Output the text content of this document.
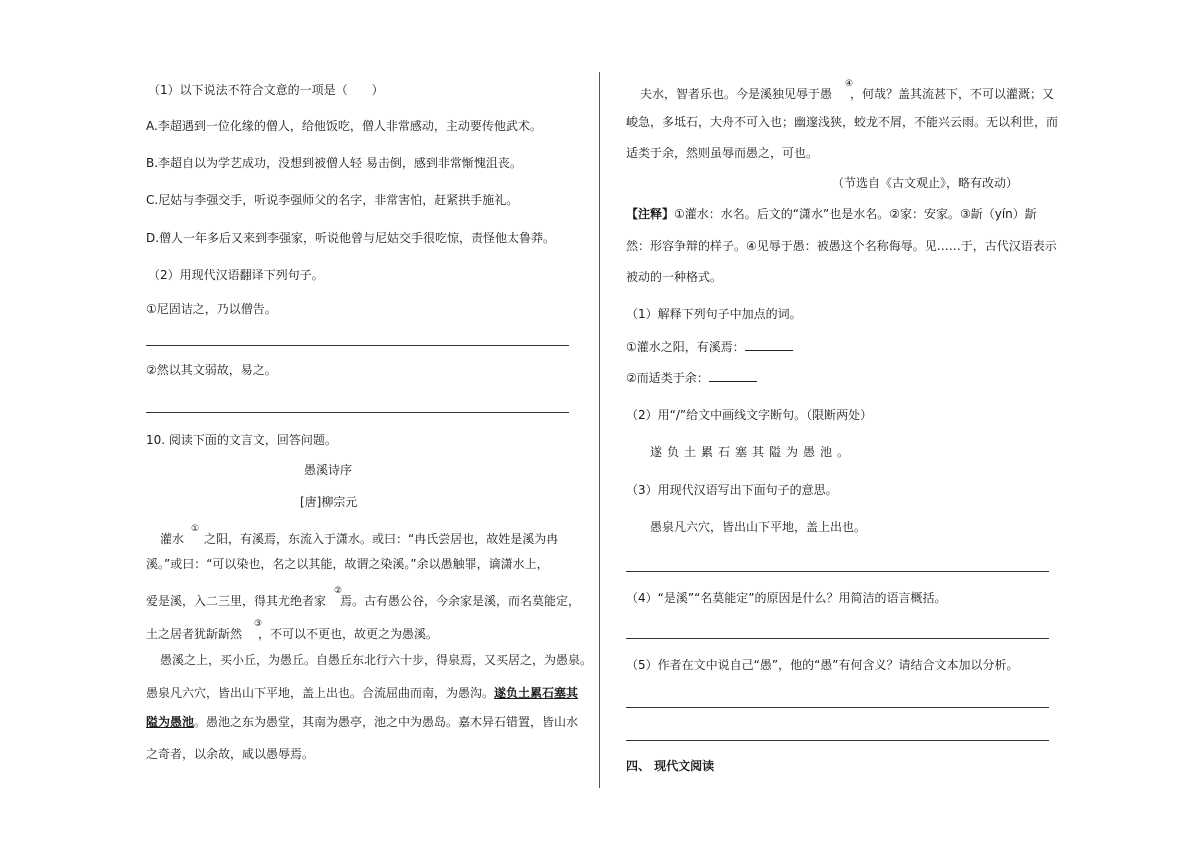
（1）以下说法不符合文意的一项是（　　）
A.李超遇到一位化缘的僧人，给他饭吃，僧人非常感动，主动要传他武术。
B.李超自以为学艺成功，没想到被僧人轻 易击倒，感到非常惭愧沮丧。
C.尼姑与李强交手，听说李强师父的名字，非常害怕，赶紧拱手施礼。
D.僧人一年多后又来到李强家，听说他曾与尼姑交手很吃惊，责怪他太鲁莽。
（2）用现代汉语翻译下列句子。
①尼固诘之，乃以僧告。
②然以其文弱故，易之。
10. 阅读下面的文言文，回答问题。
愚溪诗序
[唐]柳宗元
灌水 之阳，有溪焉，东流入于潇水。或曰：“冉氏尝居也，故姓是溪为冉
①
溪。”或曰：“可以染也，名之以其能，故谓之染溪。”余以愚触罪，谪潇水上，
爱是溪，入二三里，得其尤绝者家 焉。古有愚公谷，今余家是溪，而名莫能定，
②
土之居者犹龂龂然 ，不可以不更也，故更之为愚溪。
③
愚溪之上，买小丘，为愚丘。自愚丘东北行六十步，得泉焉，又买居之，为愚泉。
愚泉凡六穴，皆出山下平地，盖上出也。合流屈曲而南，为愚沟。遂负土累石塞其
隘为愚池。愚池之东为愚堂，其南为愚亭，池之中为愚岛。嘉木异石错置，皆山水
之奇者，以余故，咸以愚辱焉。
夫水，智者乐也。今是溪独见辱于愚 ，何哉？盖其流甚下，不可以灌溉；又
④
峻急，多坻石，大舟不可入也；幽邃浅狭，蛟龙不屑，不能兴云雨。无以利世，而
适类于余，然则虽辱而愚之，可也。
（节选自《古文观止》，略有改动）
【注释】①灌水：水名。后文的“潇水”也是水名。②家：安家。③龂（yín）龂
然：形容争辩的样子。④见辱于愚：被愚这个名称侮辱。见……于，古代汉语表示
被动的一种格式。
（1）解释下列句子中加点的词。
①灌水之阳，有溪焉：
②而适类于余：
（2）用“/”给文中画线文字断句。（限断两处）
遂负土累石塞其隘为愚池。
（3）用现代汉语写出下面句子的意思。
愚泉凡六穴，皆出山下平地，盖上出也。
（4）“是溪”“名莫能定”的原因是什么？用简洁的语言概括。
（5）作者在文中说自己“愚”，他的“愚”有何含义？请结合文本加以分析。
四、 现代文阅读
